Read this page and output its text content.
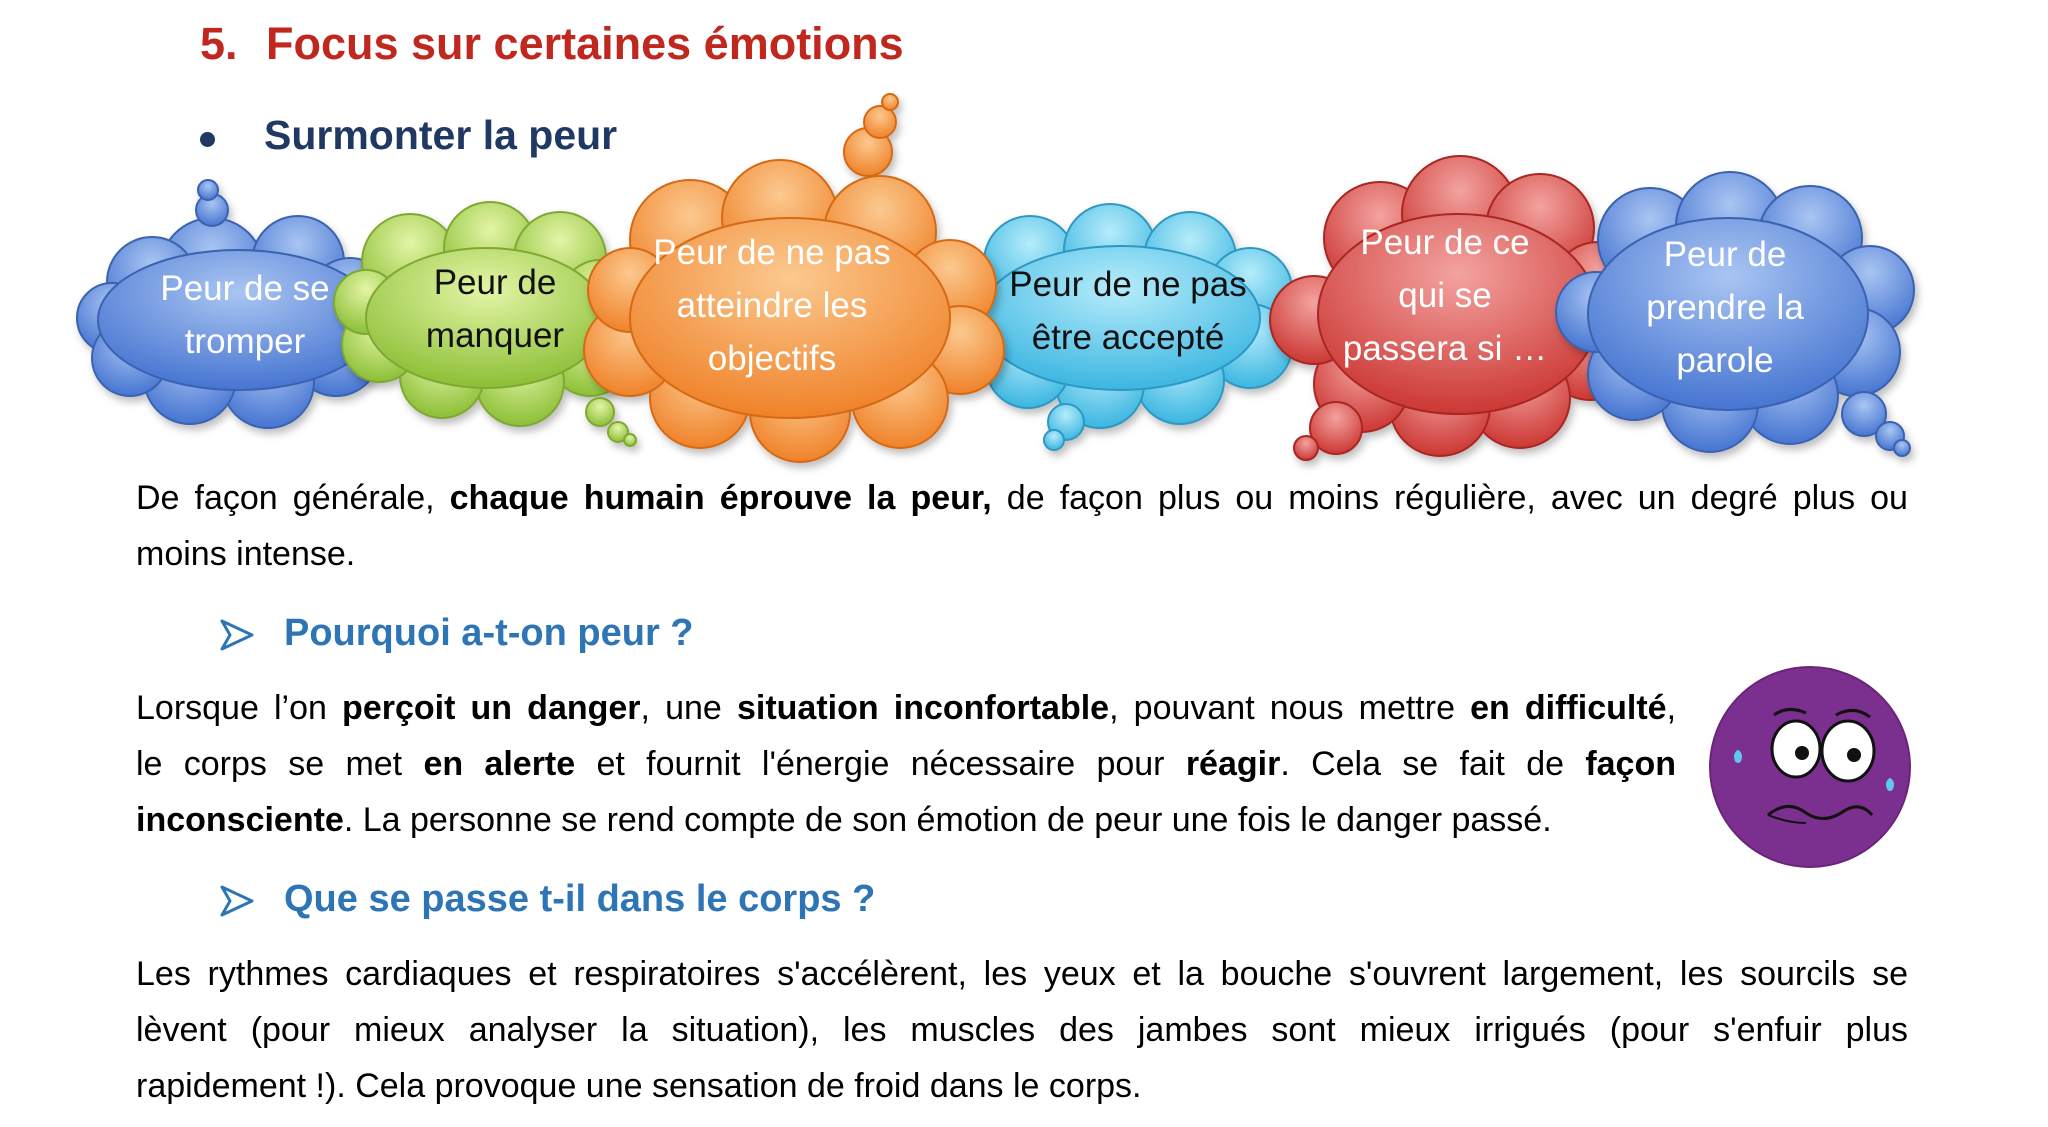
5. Focus sur certaines émotions
Surmonter la peur
Peur de se tromper
Peur de manquer
Peur de ne pas atteindre les objectifs
Peur de ne pas être accepté
Peur de ce qui se passera si …
Peur de prendre la parole
De façon générale, chaque humain éprouve la peur, de façon plus ou moins régulière, avec un degré plus ou
moins intense.
Pourquoi a-t-on peur ?
Lorsque l’on perçoit un danger, une situation inconfortable, pouvant nous mettre en difficulté,
le corps se met en alerte et fournit l'énergie nécessaire pour réagir. Cela se fait de façon
inconsciente. La personne se rend compte de son émotion de peur une fois le danger passé.
Que se passe t-il dans le corps ?
Les rythmes cardiaques et respiratoires s'accélèrent, les yeux et la bouche s'ouvrent largement, les sourcils se
lèvent (pour mieux analyser la situation), les muscles des jambes sont mieux irrigués (pour s'enfuir plus
rapidement !). Cela provoque une sensation de froid dans le corps.
